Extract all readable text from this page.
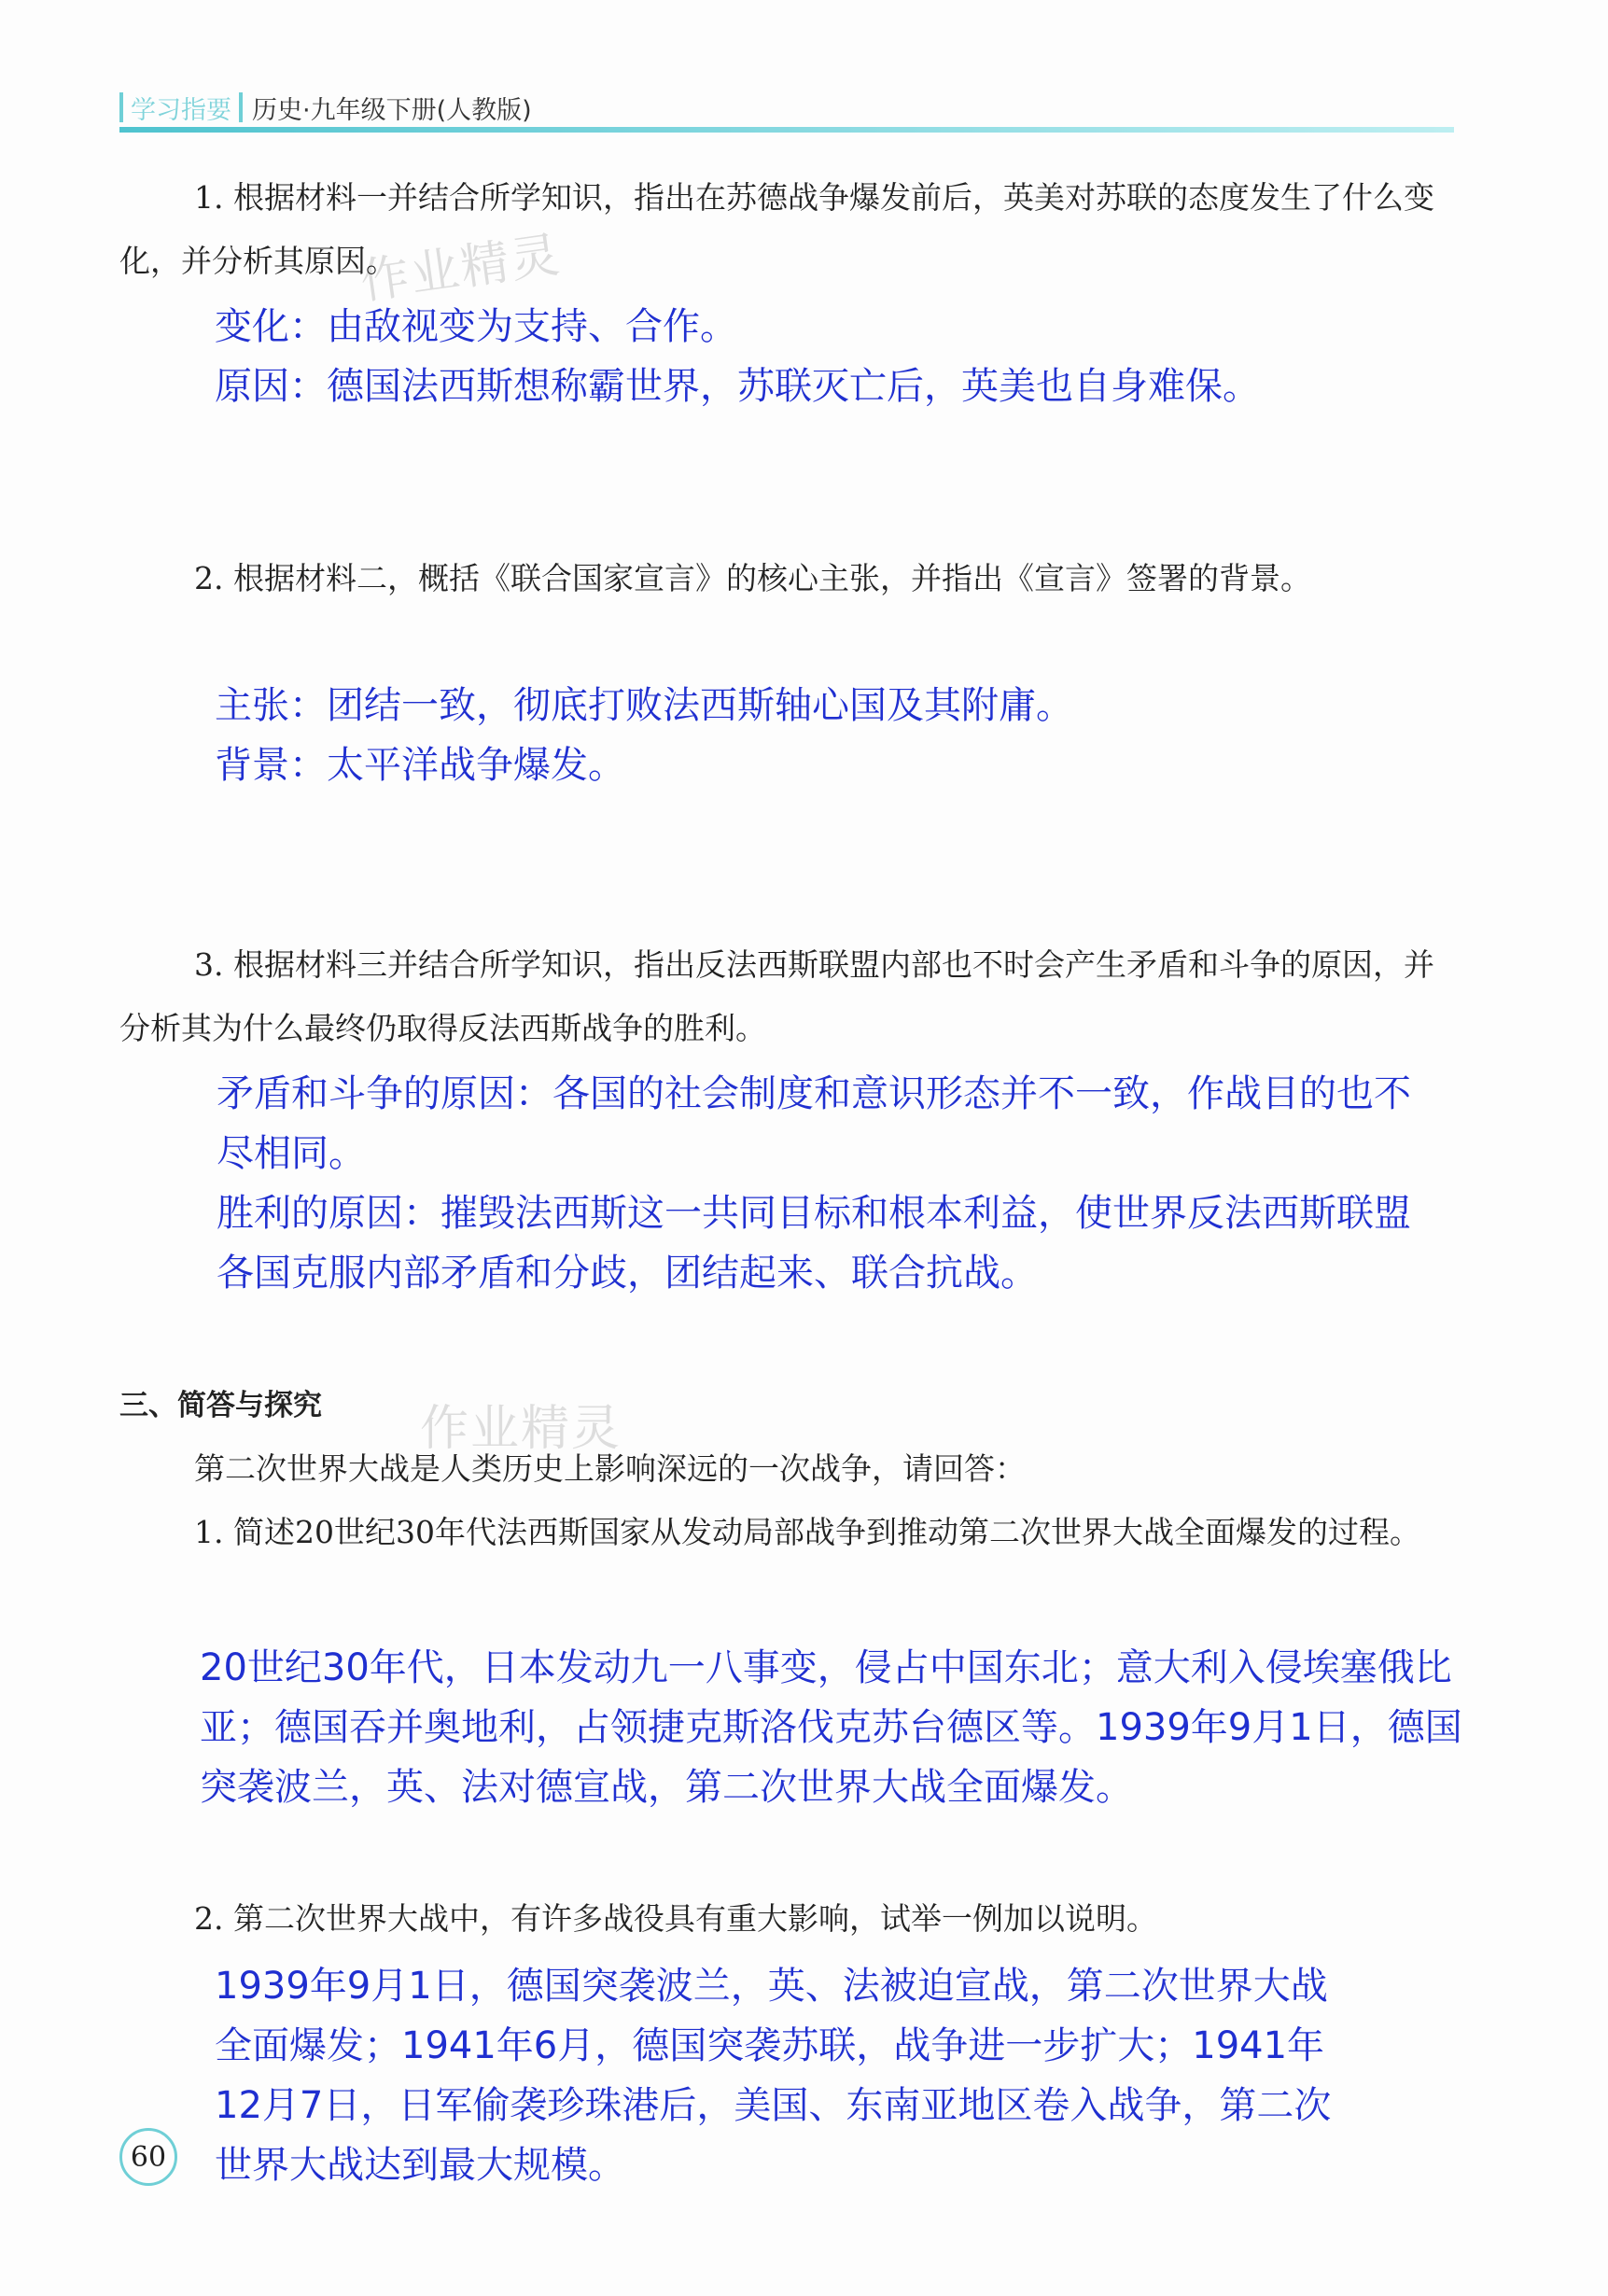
学习指要 历史·九年级下册(人教版)
作业精灵
1. 根据材料一并结合所学知识，指出在苏德战争爆发前后，英美对苏联的态度发生了什么变化，并分析其原因。

变化：由敌视变为支持、合作。

原因：德国法西斯想称霸世界，苏联灭亡后，英美也自身难保。

2. 根据材料二，概括《联合国家宣言》的核心主张，并指出《宣言》签署的背景。

主张：团结一致，彻底打败法西斯轴心国及其附庸。

背景：太平洋战争爆发。

3. 根据材料三并结合所学知识，指出反法西斯联盟内部也不时会产生矛盾和斗争的原因，并分析其为什么最终仍取得反法西斯战争的胜利。

矛盾和斗争的原因：各国的社会制度和意识形态并不一致，作战目的也不尽相同。

胜利的原因：摧毁法西斯这一共同目标和根本利益，使世界反法西斯联盟各国克服内部矛盾和分歧，团结起来、联合抗战。

三、简答与探究 作业精灵
第二次世界大战是人类历史上影响深远的一次战争，请回答：
1. 简述20世纪30年代法西斯国家从发动局部战争到推动第二次世界大战全面爆发的过程。

20世纪30年代，日本发动九一八事变，侵占中国东北；意大利入侵埃塞俄比亚；德国吞并奥地利，占领捷克斯洛伐克苏台德区等。1939年9月1日，德国突袭波兰，英、法对德宣战，第二次世界大战全面爆发。

2. 第二次世界大战中，有许多战役具有重大影响，试举一例加以说明。

1939年9月1日，德国突袭波兰，英、法被迫宣战，第二次世界大战全面爆发；1941年6月，德国突袭苏联，战争进一步扩大；1941年12月7日，日军偷袭珍珠港后，美国、东南亚地区卷入战争，第二次世界大战达到最大规模。

60
